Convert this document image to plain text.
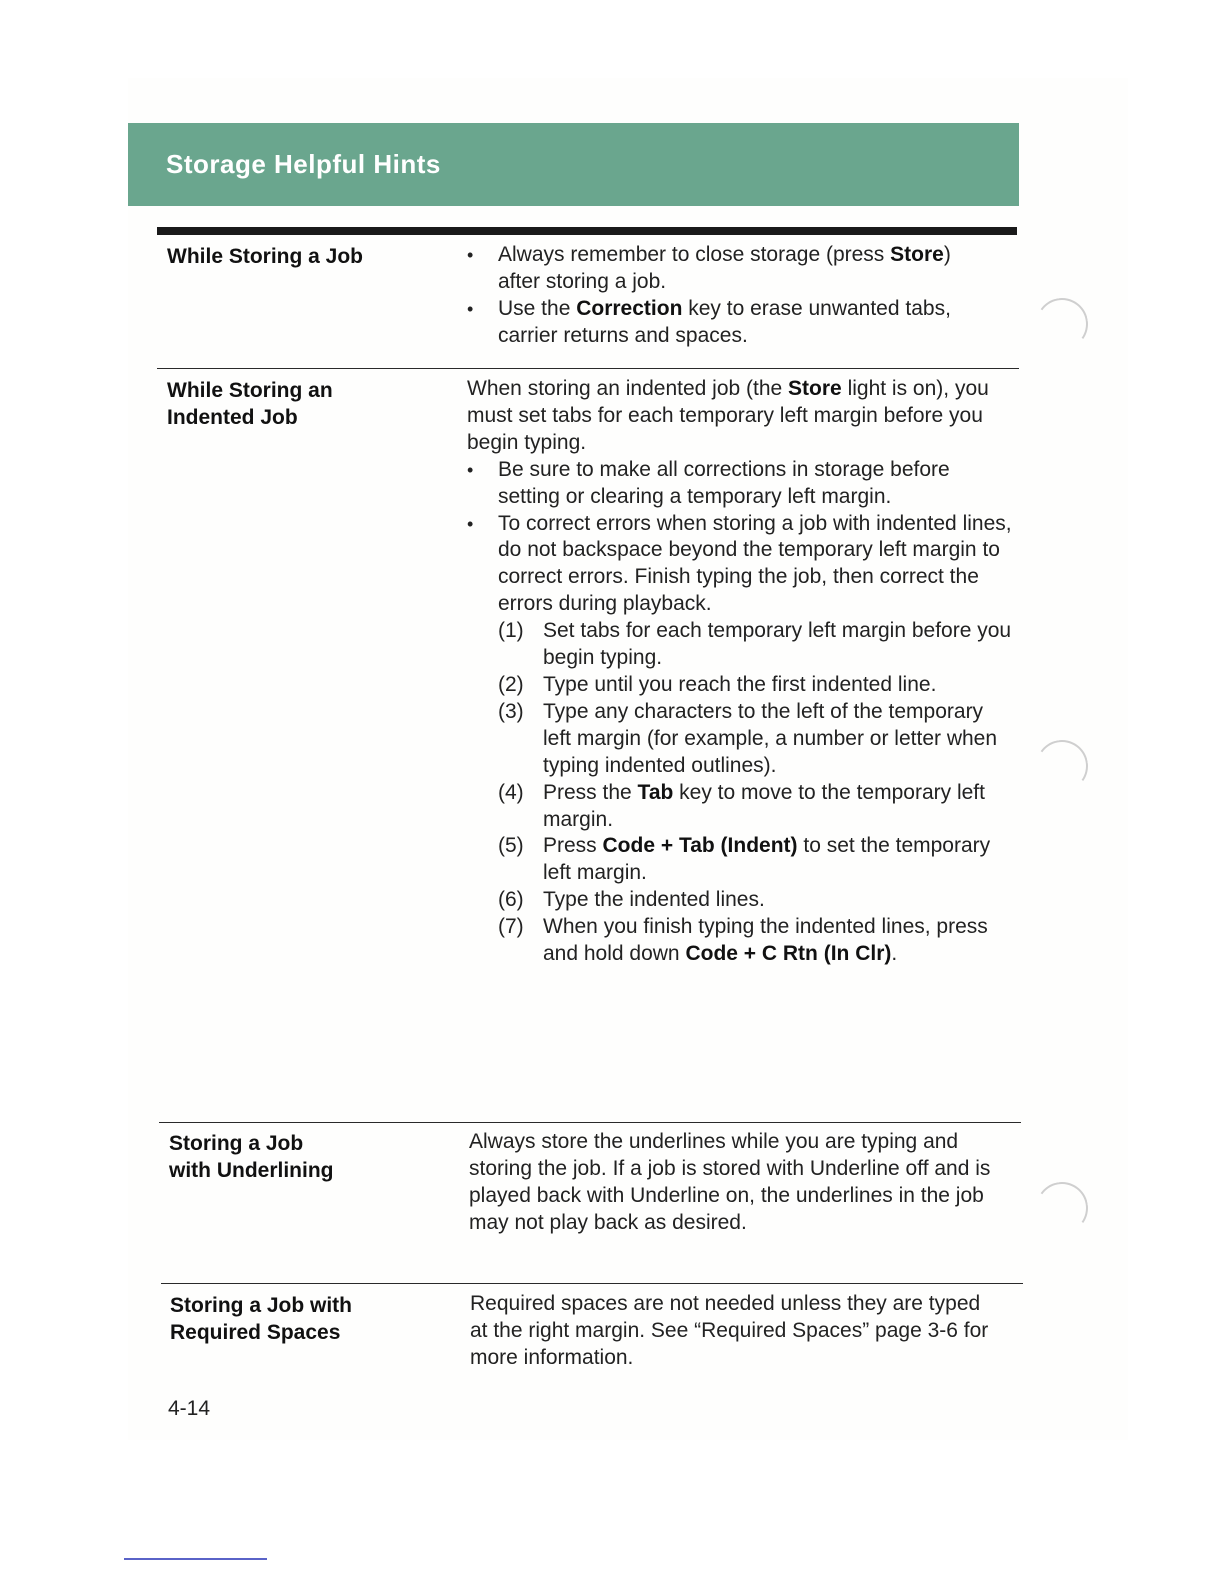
Storage Helpful Hints
While Storing a Job

•	Always remember to close storage (press Store) after storing a job.

• Use the Correction key to erase unwanted tabs, carrier returns and spaces.

While Storing an
Indented Job

When storing an indented job (the Store light is on), you must set tabs for each temporary left margin before you begin typing.

• Be sure to make all corrections in storage before setting or clearing a temporary left margin.

• To correct errors when storing a job with indented lines, do not backspace beyond the temporary left margin to correct errors. Finish typing the job, then correct the errors during playback.

(1) Set tabs for each temporary left margin before you begin typing.

(2) Type until you reach the first indented line.

(3) Type any characters to the left of the temporary left margin (for example, a number or letter when typing indented outlines).

(4) Press the Tab key to move to the temporary left margin.

(5) Press Code + Tab (Indent) to set the temporary left margin.

(6) Type the indented lines.

(7) When you finish typing the indented lines, press and hold down Code + C Rtn (In Clr).

Storing a Job
with Underlining

Always store the underlines while you are typing and storing the job. If a job is stored with Underline off and is played back with Underline on, the underlines in the job may not play back as desired.

Storing a Job with
Required Spaces

Required spaces are not needed unless they are typed at the right margin. See “Required Spaces” page 3-6 for more information.

4-14
